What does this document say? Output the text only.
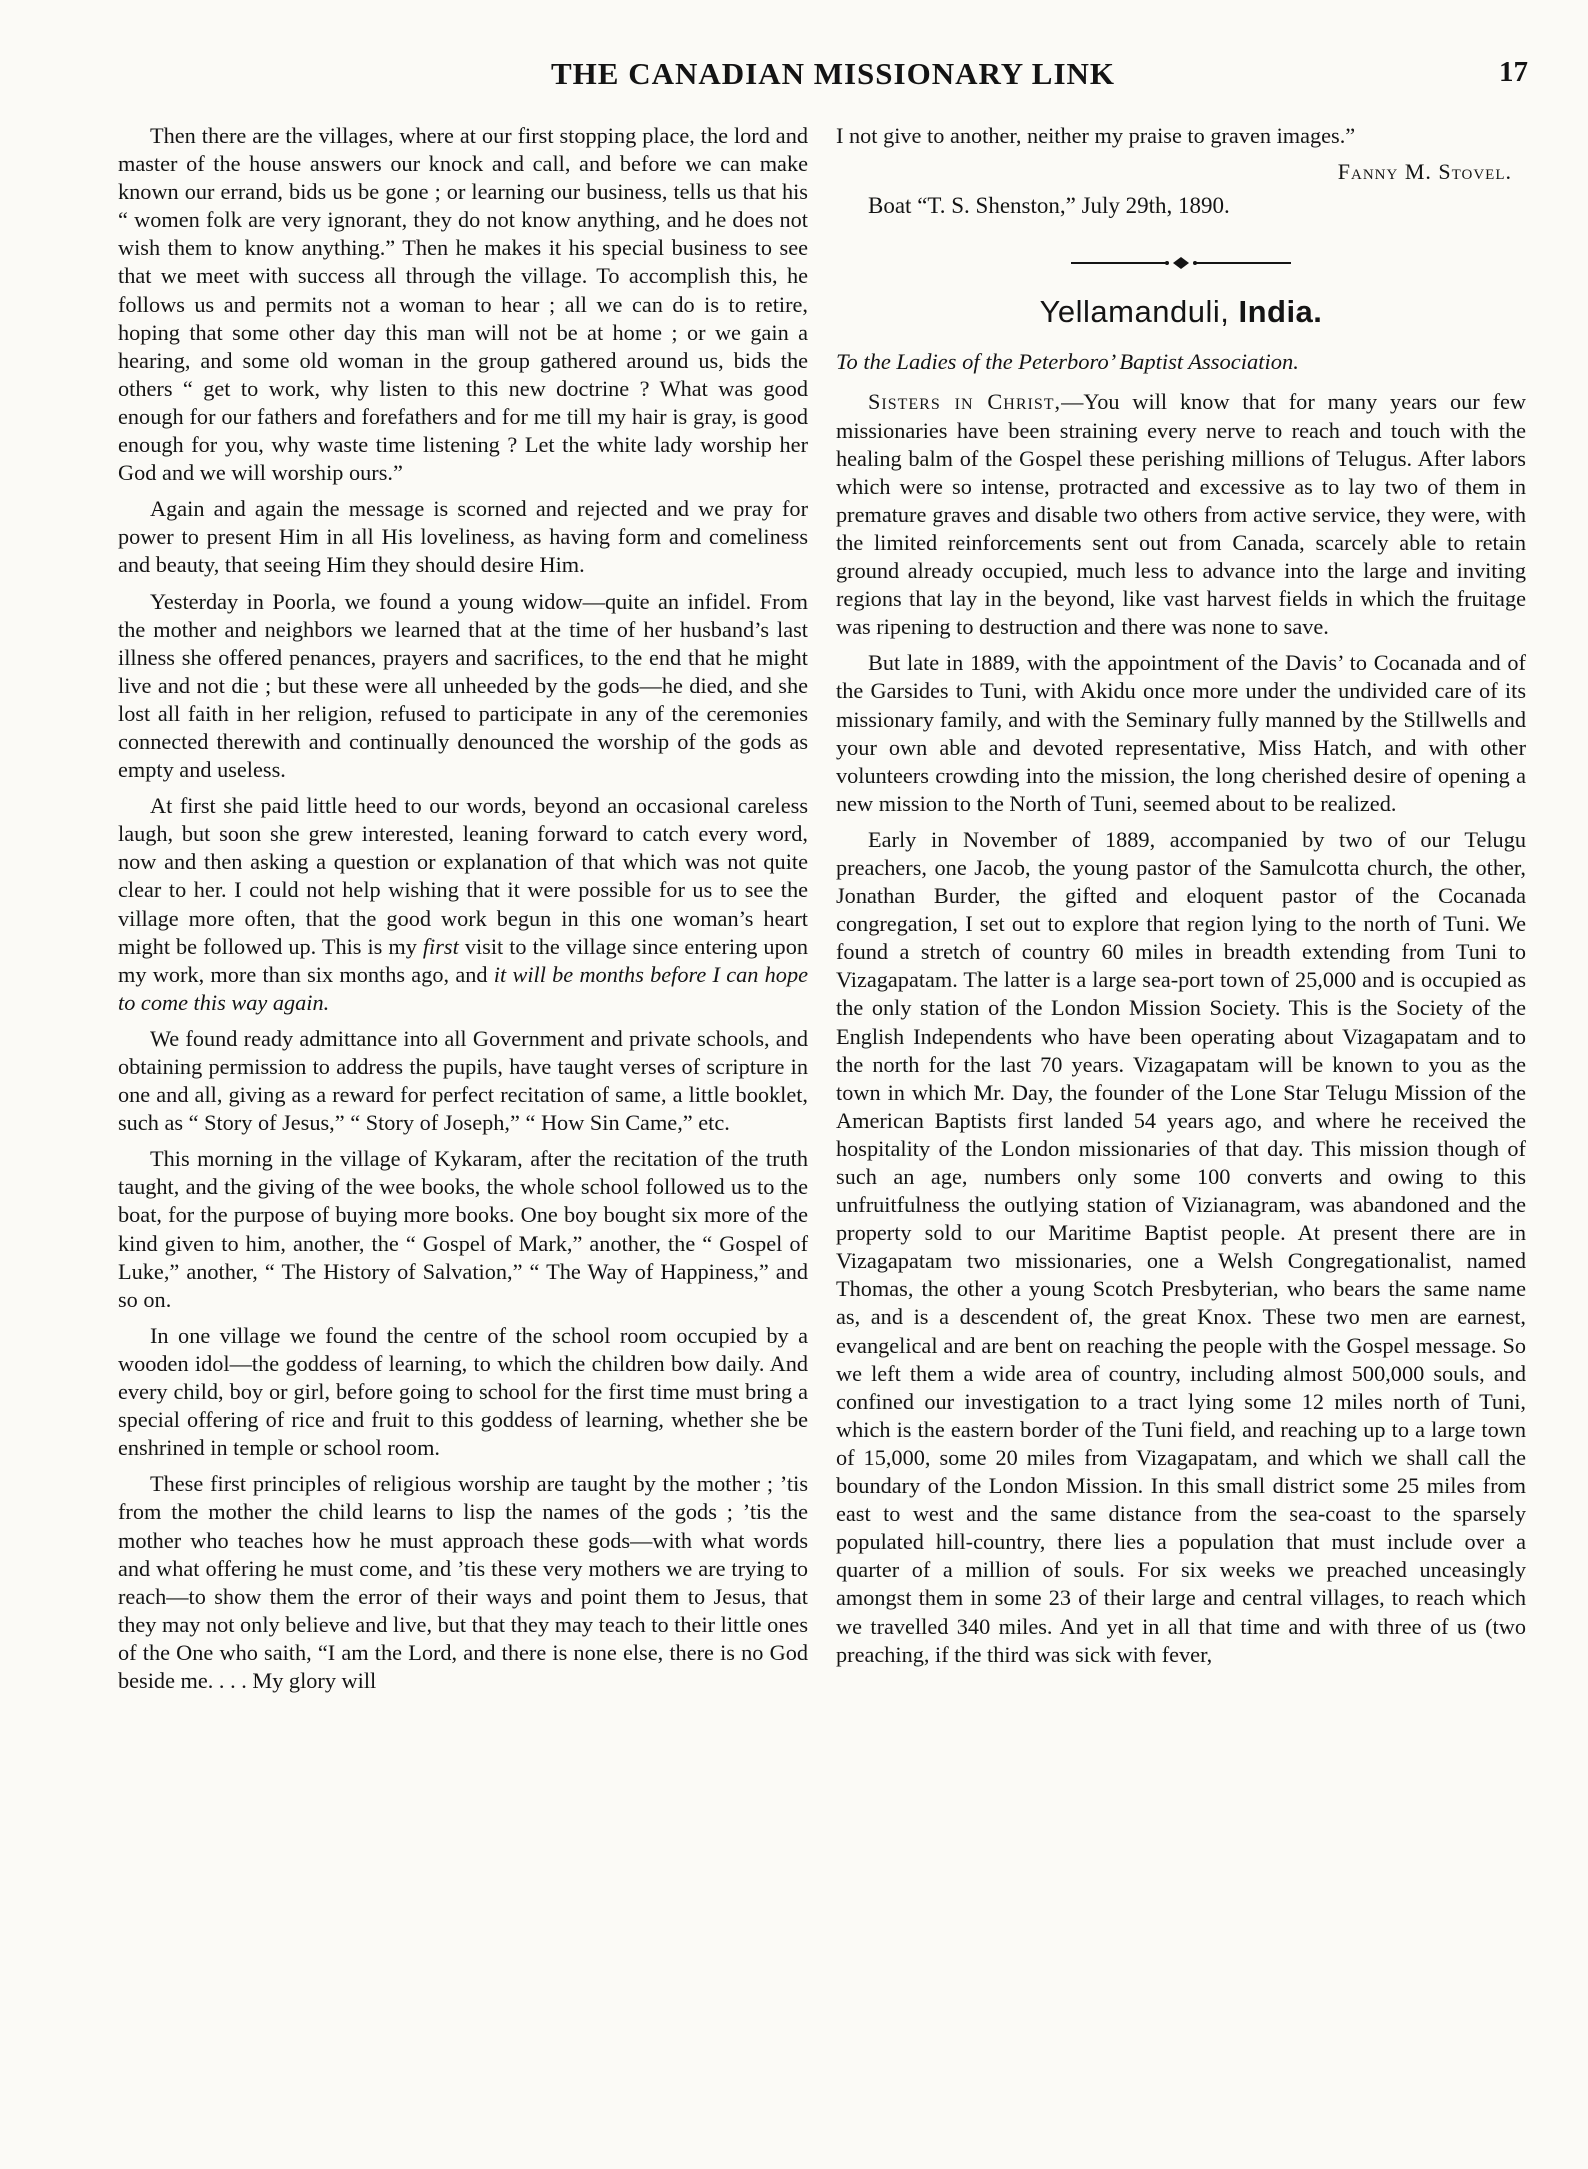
THE CANADIAN MISSIONARY LINK	17

Then there are the villages, where at our first stopping place, the lord and master of the house answers our knock and call, and before we can make known our errand, bids us be gone ; or learning our business, tells us that his “ women folk are very ignorant, they do not know anything, and he does not wish them to know anything.” Then he makes it his special business to see that we meet with success all through the village. To accomplish this, he follows us and permits not a woman to hear ; all we can do is to retire, hoping that some other day this man will not be at home ; or we gain a hearing, and some old woman in the group gathered around us, bids the others “ get to work, why listen to this new doctrine ? What was good enough for our fathers and forefathers and for me till my hair is gray, is good enough for you, why waste time listening ? Let the white lady worship her God and we will worship ours.”

Again and again the message is scorned and rejected and we pray for power to present Him in all His loveliness, as having form and comeliness and beauty, that seeing Him they should desire Him.

Yesterday in Poorla, we found a young widow—quite an infidel. From the mother and neighbors we learned that at the time of her husband’s last illness she offered penances, prayers and sacrifices, to the end that he might live and not die ; but these were all unheeded by the gods—he died, and she lost all faith in her religion, refused to participate in any of the ceremonies connected therewith and continually denounced the worship of the gods as empty and useless.

At first she paid little heed to our words, beyond an occasional careless laugh, but soon she grew interested, leaning forward to catch every word, now and then asking a question or explanation of that which was not quite clear to her. I could not help wishing that it were possible for us to see the village more often, that the good work begun in this one woman’s heart might be followed up. This is my first visit to the village since entering upon my work, more than six months ago, and it will be months before I can hope to come this way again.

We found ready admittance into all Government and private schools, and obtaining permission to address the pupils, have taught verses of scripture in one and all, giving as a reward for perfect recitation of same, a little booklet, such as “ Story of Jesus,” “ Story of Joseph,” “ How Sin Came,” etc.

This morning in the village of Kykaram, after the recitation of the truth taught, and the giving of the wee books, the whole school followed us to the boat, for the purpose of buying more books. One boy bought six more of the kind given to him, another, the “ Gospel of Mark,” another, the “ Gospel of Luke,” another, “ The History of Salvation,” “ The Way of Happiness,” and so on.

In one village we found the centre of the school room occupied by a wooden idol—the goddess of learning, to which the children bow daily. And every child, boy or girl, before going to school for the first time must bring a special offering of rice and fruit to this goddess of learning, whether she be enshrined in temple or school room.

These first principles of religious worship are taught by the mother ; ’tis from the mother the child learns to lisp the names of the gods ; ’tis the mother who teaches how he must approach these gods—with what words and what offering he must come, and ’tis these very mothers we are trying to reach—to show them the error of their ways and point them to Jesus, that they may not only believe and live, but that they may teach to their little ones of the One who saith, “I am the Lord, and there is none else, there is no God beside me. . . . My glory will

I not give to another, neither my praise to graven images.”

Fanny M. Stovel.
Boat “T. S. Shenston,” July 29th, 1890.
Yellamanduli, India.

To the Ladies of the Peterboro’ Baptist Association.

Sisters in Christ,—You will know that for many years our few missionaries have been straining every nerve to reach and touch with the healing balm of the Gospel these perishing millions of Telugus. After labors which were so intense, protracted and excessive as to lay two of them in premature graves and disable two others from active service, they were, with the limited reinforcements sent out from Canada, scarcely able to retain ground already occupied, much less to advance into the large and inviting regions that lay in the beyond, like vast harvest fields in which the fruitage was ripening to destruction and there was none to save.

But late in 1889, with the appointment of the Davis’ to Cocanada and of the Garsides to Tuni, with Akidu once more under the undivided care of its missionary family, and with the Seminary fully manned by the Stillwells and your own able and devoted representative, Miss Hatch, and with other volunteers crowding into the mission, the long cherished desire of opening a new mission to the North of Tuni, seemed about to be realized.

Early in November of 1889, accompanied by two of our Telugu preachers, one Jacob, the young pastor of the Samulcotta church, the other, Jonathan Burder, the gifted and eloquent pastor of the Cocanada congregation, I set out to explore that region lying to the north of Tuni. We found a stretch of country 60 miles in breadth extending from Tuni to Vizagapatam. The latter is a large sea-port town of 25,000 and is occupied as the only station of the London Mission Society. This is the Society of the English Independents who have been operating about Vizagapatam and to the north for the last 70 years. Vizagapatam will be known to you as the town in which Mr. Day, the founder of the Lone Star Telugu Mission of the American Baptists first landed 54 years ago, and where he received the hospitality of the London missionaries of that day. This mission though of such an age, numbers only some 100 converts and owing to this unfruitfulness the outlying station of Vizianagram, was abandoned and the property sold to our Maritime Baptist people. At present there are in Vizagapatam two missionaries, one a Welsh Congregationalist, named Thomas, the other a young Scotch Presbyterian, who bears the same name as, and is a descendent of, the great Knox. These two men are earnest, evangelical and are bent on reaching the people with the Gospel message. So we left them a wide area of country, including almost 500,000 souls, and confined our investigation to a tract lying some 12 miles north of Tuni, which is the eastern border of the Tuni field, and reaching up to a large town of 15,000, some 20 miles from Vizagapatam, and which we shall call the boundary of the London Mission. In this small district some 25 miles from east to west and the same distance from the sea-coast to the sparsely populated hill-country, there lies a population that must include over a quarter of a million of souls. For six weeks we preached unceasingly amongst them in some 23 of their large and central villages, to reach which we travelled 340 miles. And yet in all that time and with three of us (two preaching, if the third was sick with fever,
